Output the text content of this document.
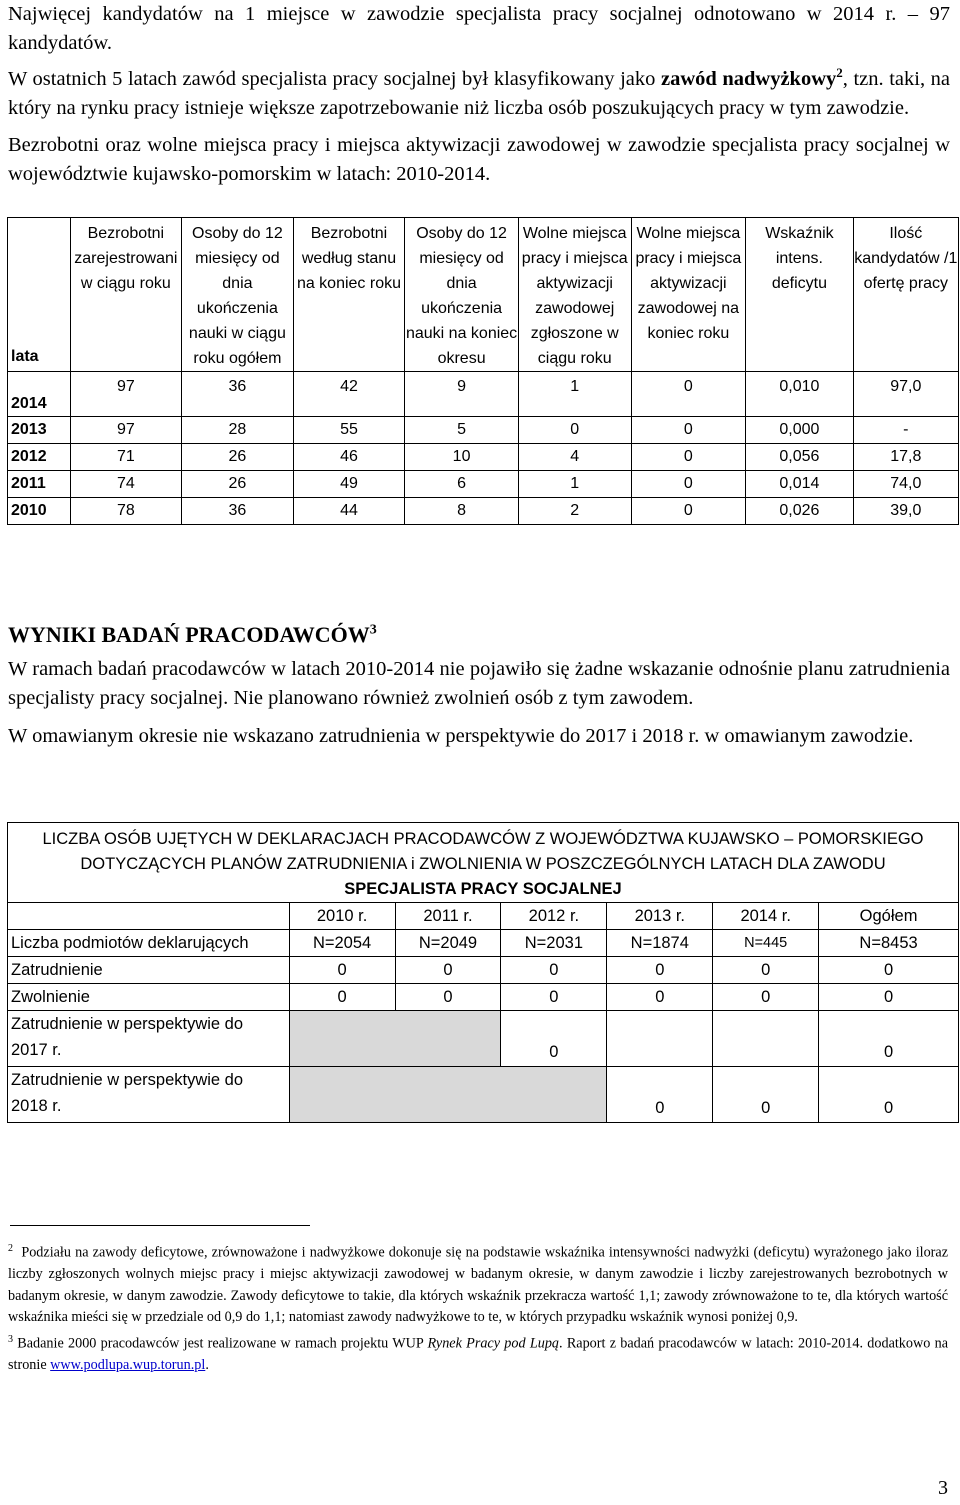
Najwięcej kandydatów na 1 miejsce w zawodzie specjalista pracy socjalnej odnotowano w 2014 r. – 97 kandydatów.

W ostatnich 5 latach zawód specjalista pracy socjalnej był klasyfikowany jako zawód nadwyżkowy$^2$, tzn. taki, na który na rynku pracy istnieje większe zapotrzebowanie niż liczba osób poszukujących pracy w tym zawodzie.

Bezrobotni oraz wolne miejsca pracy i miejsca aktywizacji zawodowej w zawodzie specjalista pracy socjalnej w województwie kujawsko-pomorskim w latach: 2010-2014.

lata	Bezrobotni zarejestrowani w ciągu roku	Osoby do 12 miesięcy od dnia ukończenia nauki w ciągu roku ogółem	Bezrobotni według stanu na koniec roku	Osoby do 12 miesięcy od dnia ukończenia nauki na koniec okresu	Wolne miejsca pracy i miejsca aktywizacji zawodowej zgłoszone w ciągu roku	Wolne miejsca pracy i miejsca aktywizacji zawodowej na koniec roku	Wskaźnik intens. deficytu	Ilość kandydatów /1 ofertę pracy
2014	97	36	42	9	1	0	0,010	97,0
2013	97	28	55	5	0	0	0,000	-
2012	71	26	46	10	4	0	0,056	17,8
2011	74	26	49	6	1	0	0,014	74,0
2010	78	36	44	8	2	0	0,026	39,0
WYNIKI BADAŃ PRACODAWCÓW$^3$

W ramach badań pracodawców w latach 2010-2014 nie pojawiło się żadne wskazanie odnośnie planu zatrudnienia specjalisty pracy socjalnej. Nie planowano również zwolnień osób z tym zawodem.

W omawianym okresie nie wskazano zatrudnienia w perspektywie do 2017 i 2018 r. w omawianym zawodzie.

LICZBA OSÓB UJĘTYCH W DEKLARACJACH PRACODAWCÓW Z WOJEWÓDZTWA KUJAWSKO – POMORSKIEGO
DOTYCZĄCYCH PLANÓW ZATRUDNIENIA i ZWOLNIENIA W POSZCZEGÓLNYCH LATACH DLA ZAWODU
SPECJALISTA PRACY SOCJALNEJ						

	2010 r.	2011 r.	2012 r.	2013 r.	2014 r.	Ogółem
Liczba podmiotów deklarujących	N=2054	N=2049	N=2031	N=1874	N=445	N=8453
Zatrudnienie	0	0	0	0	0	0
Zwolnienie	0	0	0	0	0	0

Zatrudnienie w perspektywie do
2017 r.			0			0

Zatrudnienie w perspektywie do
2018 r.				0	0	0

$^2$ Podziału na zawody deficytowe, zrównoważone i nadwyżkowe dokonuje się na podstawie wskaźnika intensywności nadwyżki (deficytu) wyrażonego jako iloraz liczby zgłoszonych wolnych miejsc pracy i miejsc aktywizacji zawodowej w badanym okresie, w danym zawodzie i liczby zarejestrowanych bezrobotnych w badanym okresie, w danym zawodzie. Zawody deficytowe to takie, dla których wskaźnik przekracza wartość 1,1; zawody zrównoważone to te, dla których wartość wskaźnika mieści się w przedziale od 0,9 do 1,1; natomiast zawody nadwyżkowe to te, w których przypadku wskaźnik wynosi poniżej 0,9.

$^3$ Badanie 2000 pracodawców jest realizowane w ramach projektu WUP Rynek Pracy pod Lupą. Raport z badań pracodawców w latach: 2010-2014. dodatkowo na stronie www.podlupa.wup.torun.pl.

3
